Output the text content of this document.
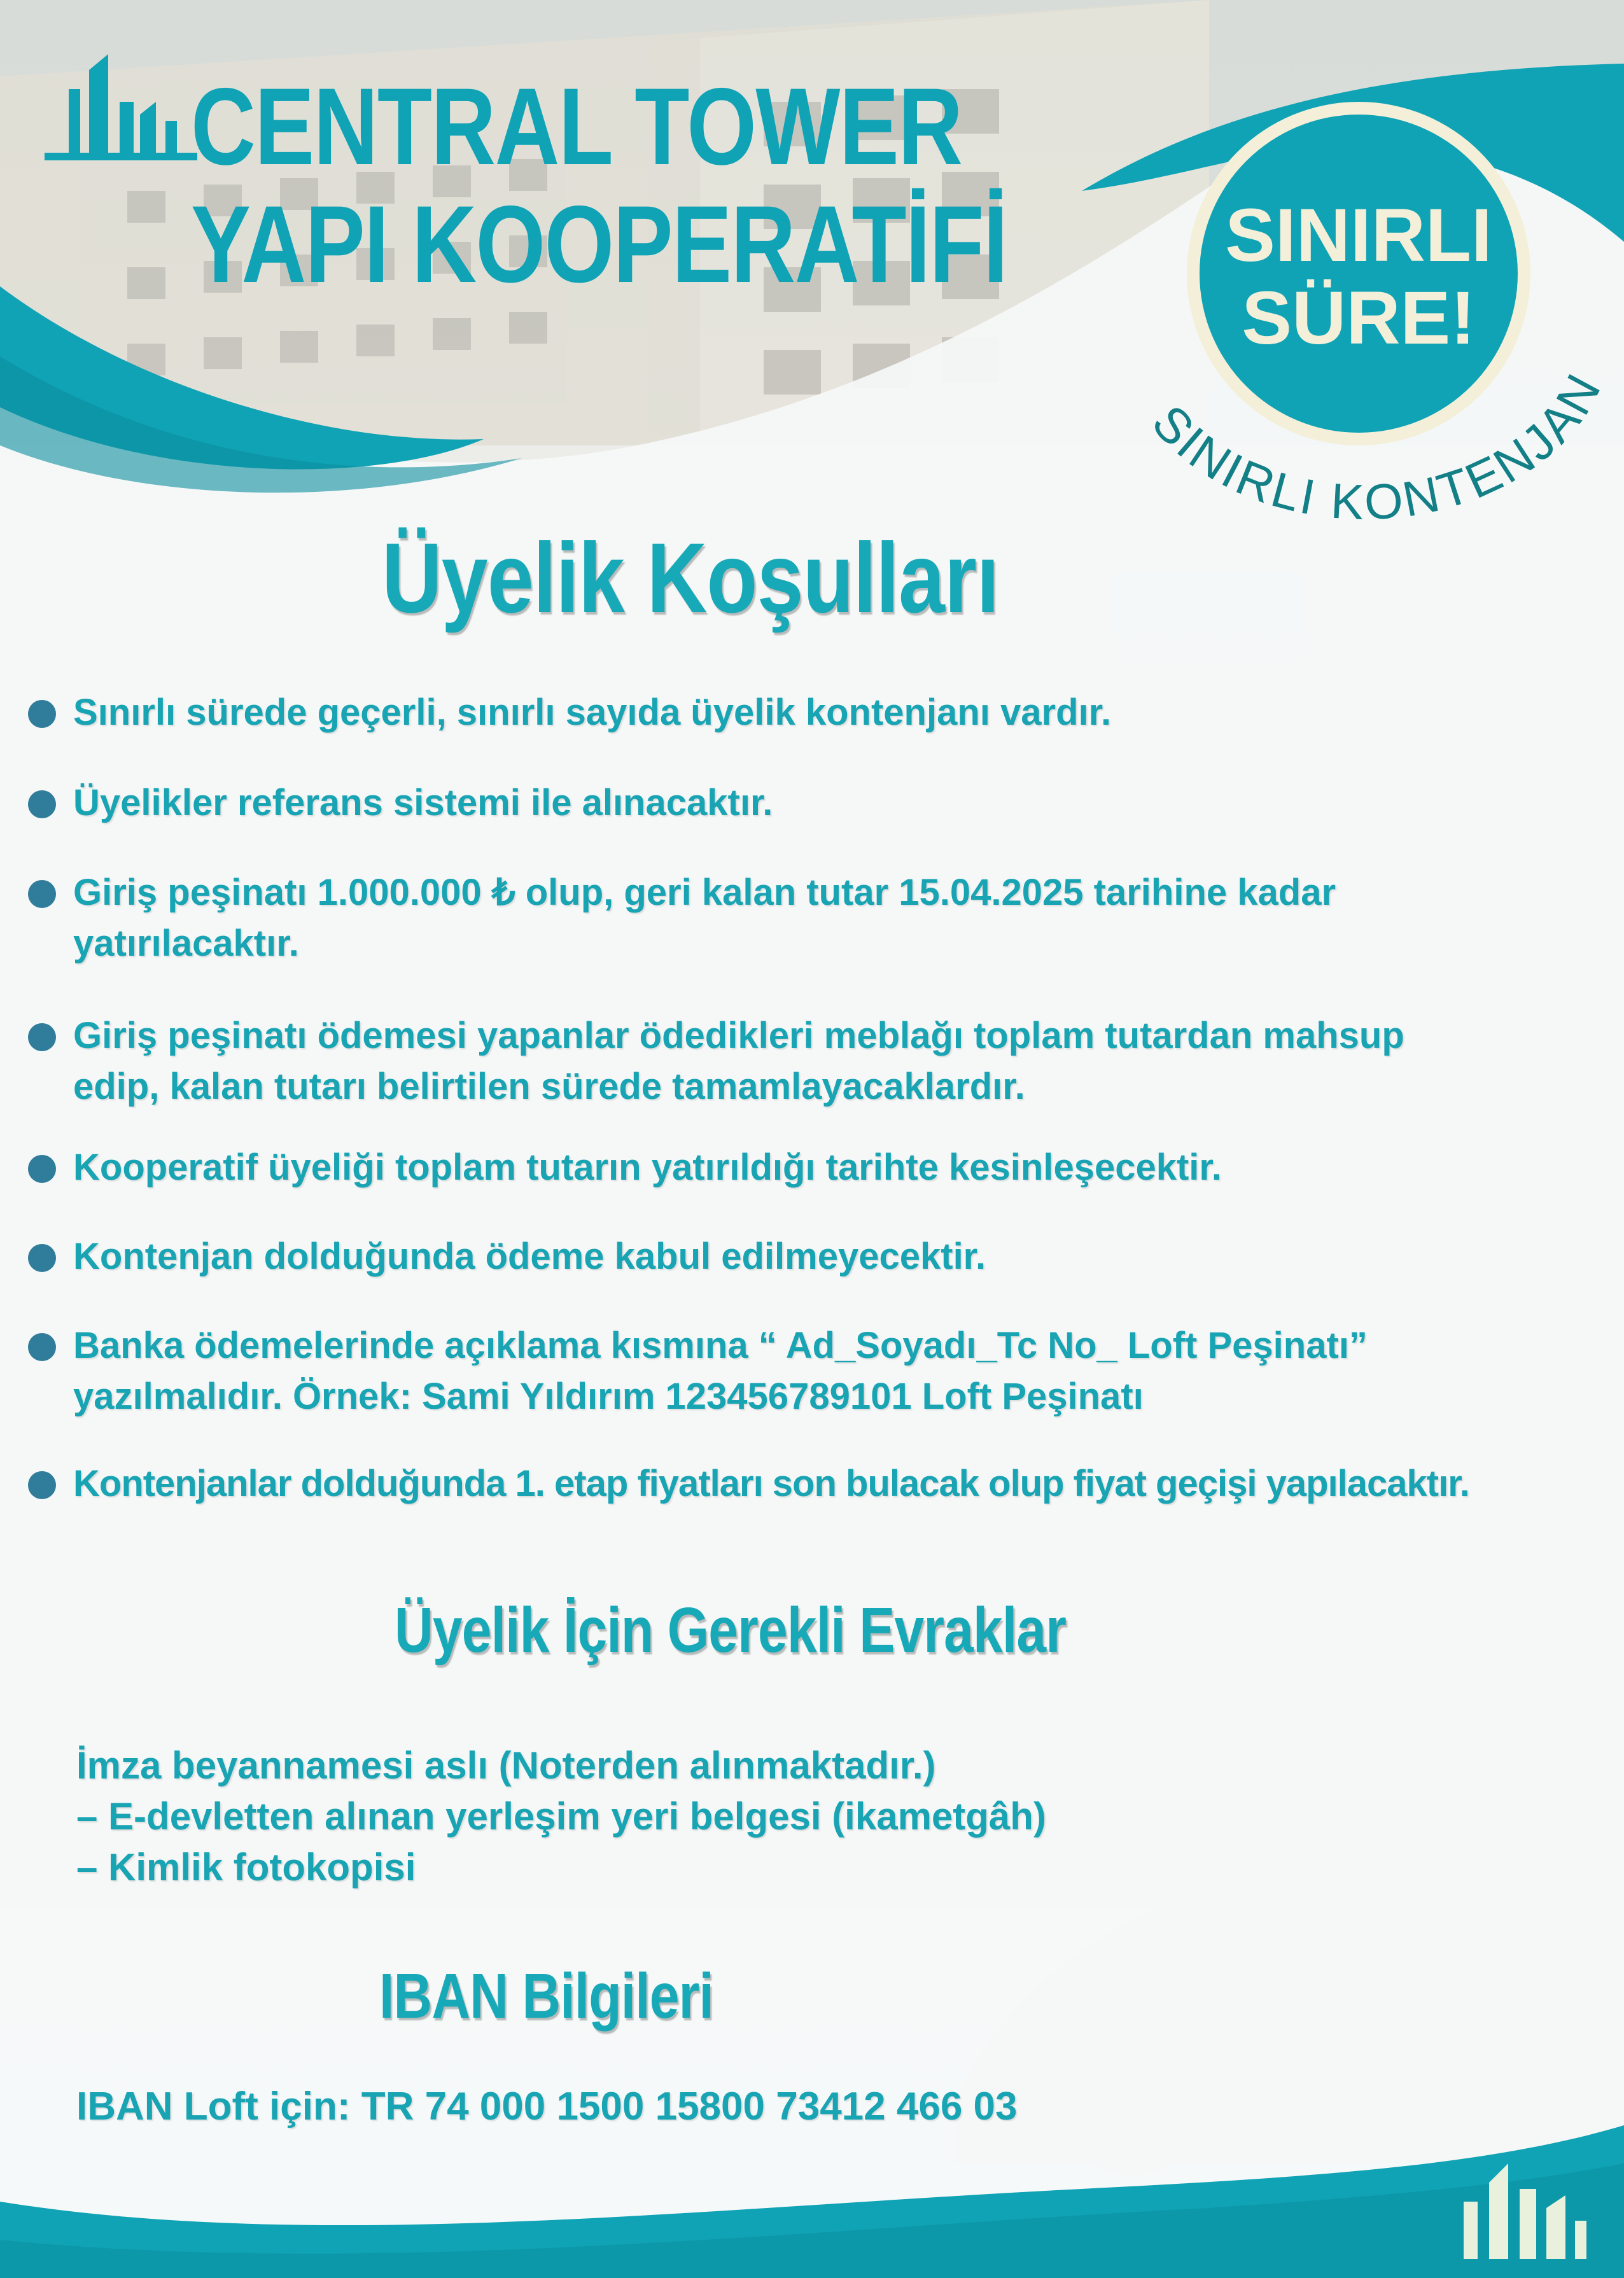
CENTRAL TOWER
YAPI KOOPERATİFİ	SINIRLI
SÜRE!
SINIRLI KONTENJAN
Üyelik Koşulları
Sınırlı sürede geçerli, sınırlı sayıda üyelik kontenjanı vardır.
Üyelikler referans sistemi ile alınacaktır.
Giriş peşinatı 1.000.000 ₺ olup, geri kalan tutar 15.04.2025 tarihine kadar
yatırılacaktır.
Giriş peşinatı ödemesi yapanlar ödedikleri meblağı toplam tutardan mahsup
edip, kalan tutarı belirtilen sürede tamamlayacaklardır.
Kooperatif üyeliği toplam tutarın yatırıldığı tarihte kesinleşecektir.
Kontenjan dolduğunda ödeme kabul edilmeyecektir.
Banka ödemelerinde açıklama kısmına “ Ad_Soyadı_Tc No_ Loft Peşinatı”
yazılmalıdır. Örnek: Sami Yıldırım 123456789101 Loft Peşinatı
Kontenjanlar dolduğunda 1. etap fiyatları son bulacak olup fiyat geçişi yapılacaktır.
Üyelik İçin Gerekli Evraklar
İmza beyannamesi aslı (Noterden alınmaktadır.)
– E-devletten alınan yerleşim yeri belgesi (ikametgâh)
– Kimlik fotokopisi
IBAN Bilgileri

IBAN Loft için: TR 74 000 1500 15800 73412 466 03
